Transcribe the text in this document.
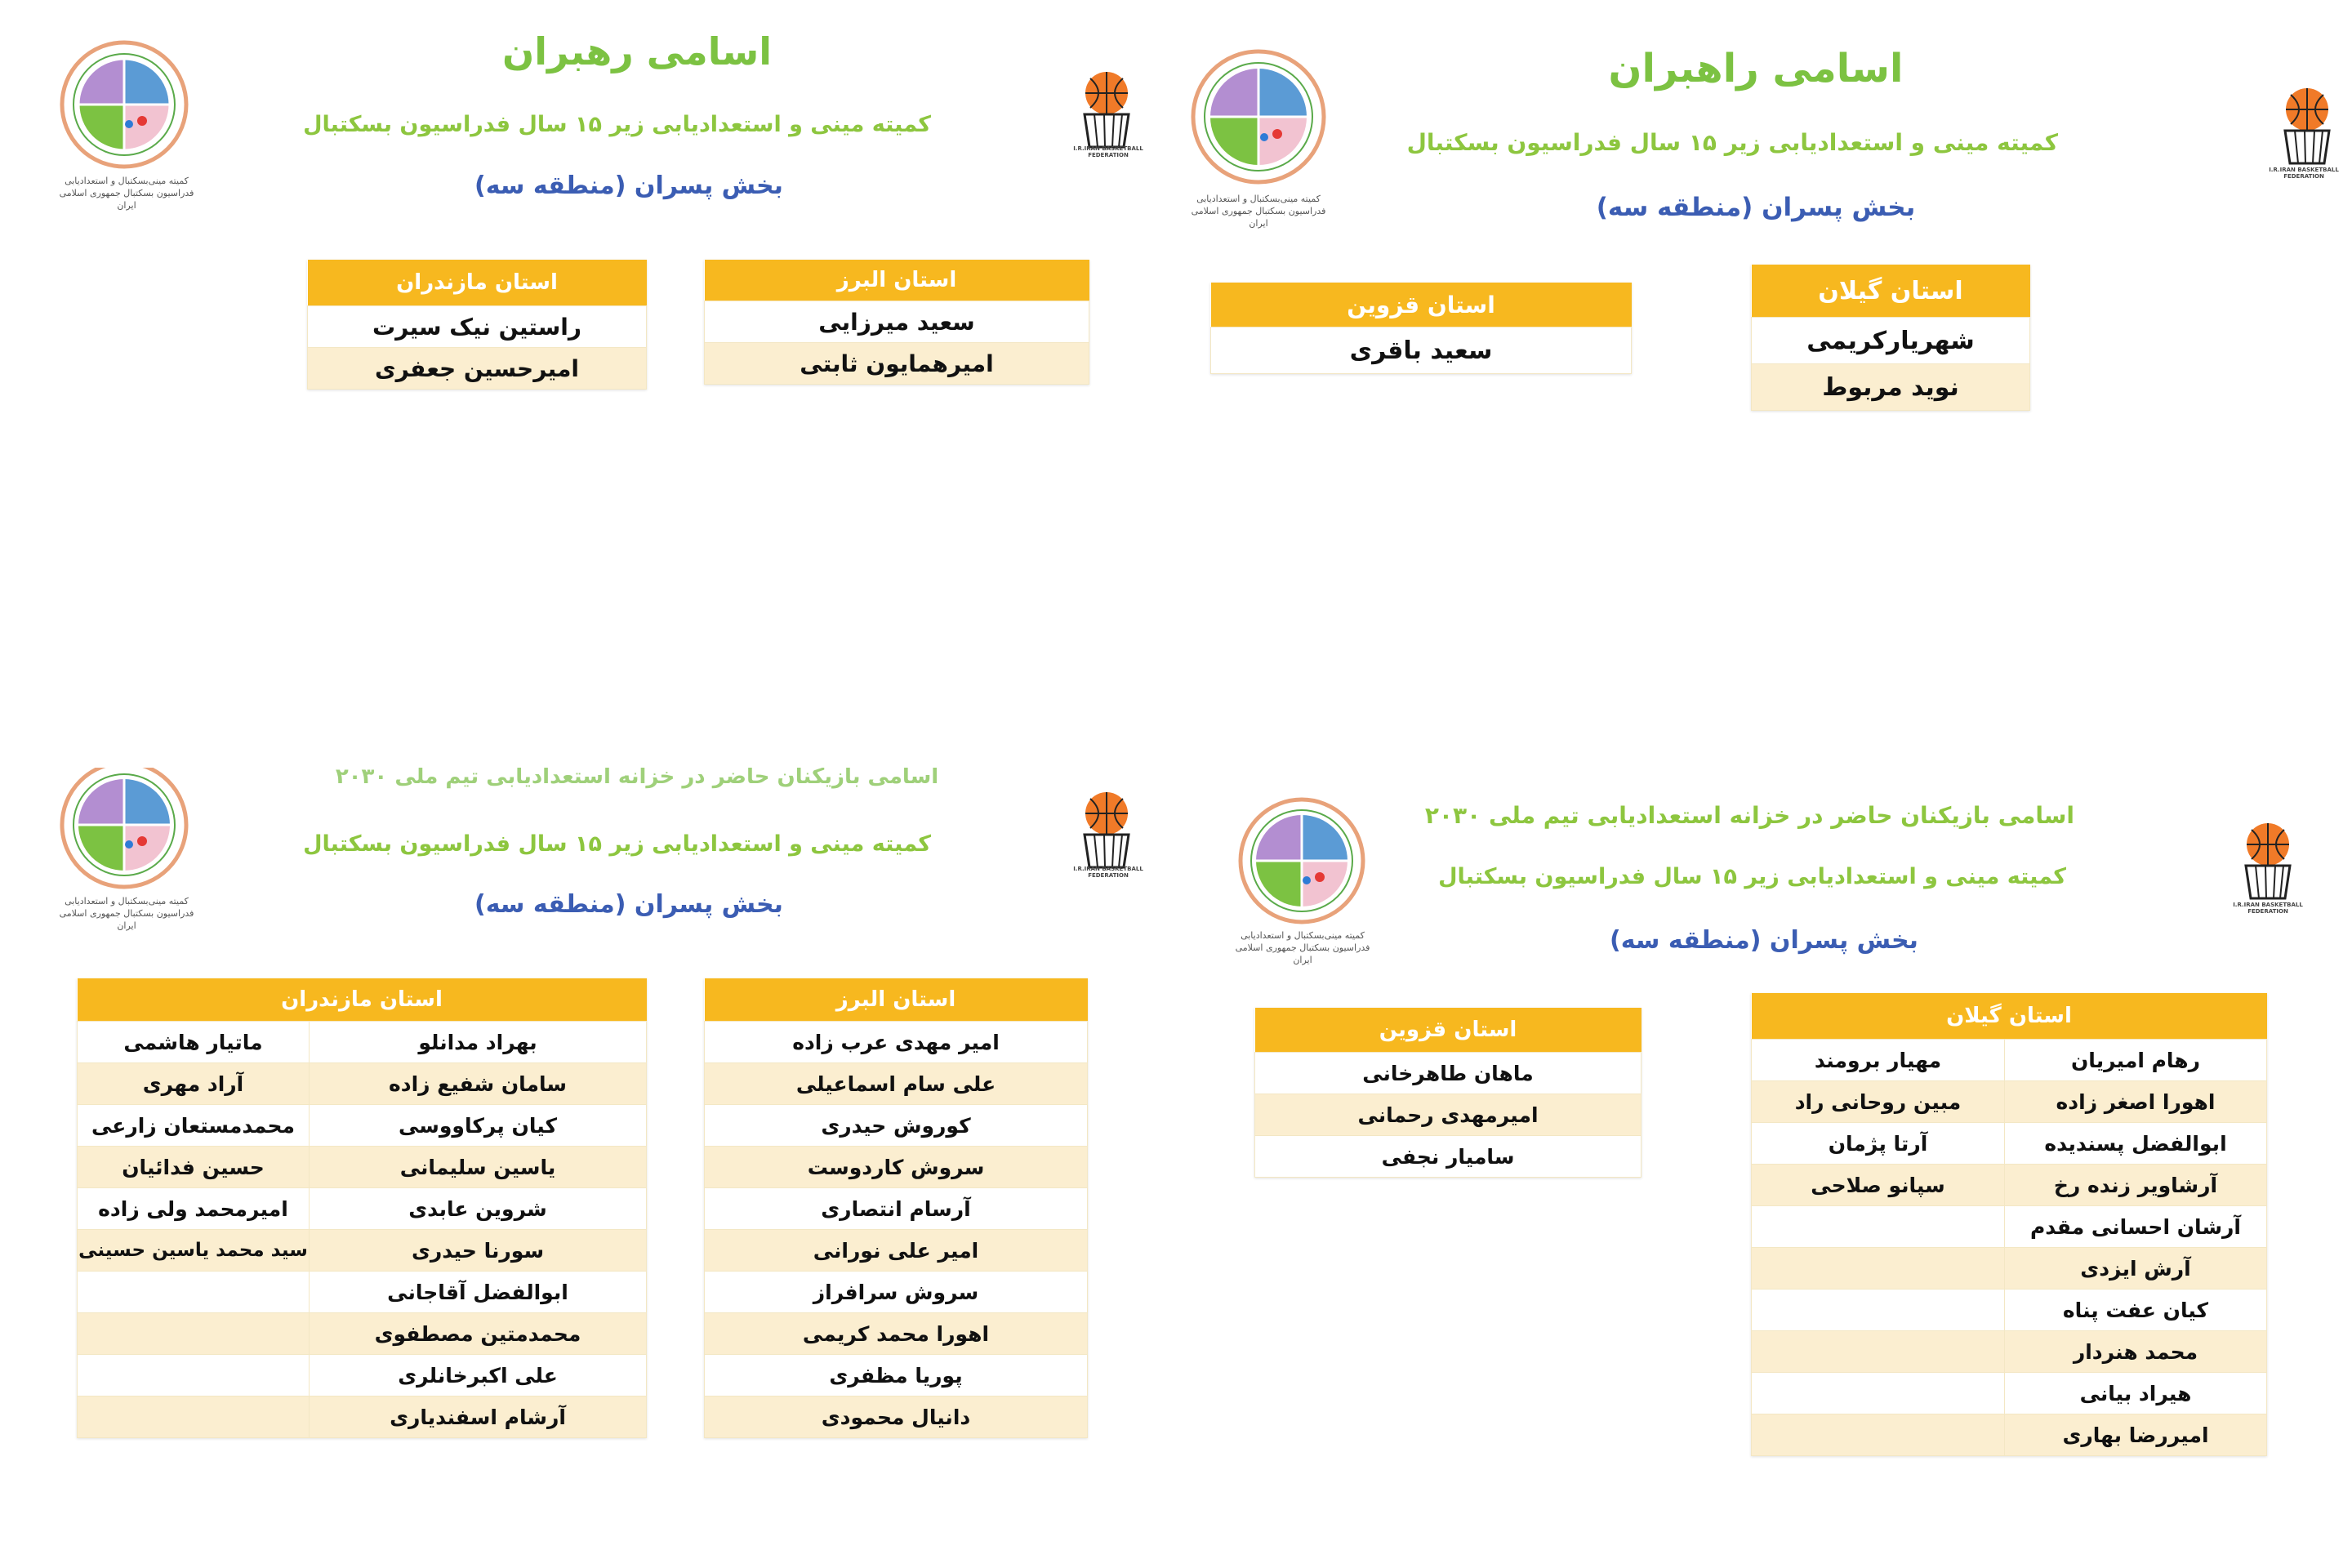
کمیته مینی‌بسکتبال و استعدادیابی
فدراسیون بسکتبال جمهوری اسلامی ایران
اسامی رهبران
کمیته مینی و استعدادیابی زیر ۱۵ سال فدراسیون بسکتبال
بخش پسران (منطقه سه)
I.R.IRAN BASKETBALL FEDERATION
استان البرز
سعید میرزایی
امیرهمایون ثابتی
استان مازندران
راستین نیک سیرت
امیرحسین جعفری
کمیته مینی‌بسکتبال و استعدادیابی
فدراسیون بسکتبال جمهوری اسلامی ایران
اسامی راهبران
کمیته مینی و استعدادیابی زیر ۱۵ سال فدراسیون بسکتبال
بخش پسران (منطقه سه)
I.R.IRAN BASKETBALL FEDERATION
استان گیلان
شهریارکریمی
نوید مربوط
استان قزوین
سعید باقری
کمیته مینی‌بسکتبال و استعدادیابی
فدراسیون بسکتبال جمهوری اسلامی ایران
اسامی بازیکنان حاضر در خزانه استعدادیابی تیم ملی ۲۰۳۰
کمیته مینی و استعدادیابی زیر ۱۵ سال فدراسیون بسکتبال
بخش پسران (منطقه سه)
I.R.IRAN BASKETBALL FEDERATION
استان البرز
امیر مهدی عرب زاده
علی سام اسماعیلی
کوروش حیدری
سروش کاردوست
آرسام انتصاری
امیر علی نورانی
سروش سرافراز
اهورا محمد کریمی
پوریا مظفری
دانیال محمودی
استان مازندران	
بهراد مدانلو	ماتیار هاشمی
سامان شفیع زاده	آراد مهری
کیان پرکاووسی	محمدمستعان زارعی
یاسین سلیمانی	حسین فدائیان
شروین عابدی	امیرمحمد ولی زاده
سورنا حیدری	سید محمد یاسین حسینی
ابوالفضل آقاجانی	
محمدمتین مصطفوی	
علی اکبرخانلری	
آرشام اسفندیاری	
کمیته مینی‌بسکتبال و استعدادیابی
فدراسیون بسکتبال جمهوری اسلامی ایران
اسامی بازیکنان حاضر در خزانه استعدادیابی تیم ملی ۲۰۳۰
کمیته مینی و استعدادیابی زیر ۱۵ سال فدراسیون بسکتبال
بخش پسران (منطقه سه)
I.R.IRAN BASKETBALL FEDERATION
استان قزوین
ماهان طاهرخانی
امیرمهدی رحمانی
سامیار نجفی
استان گیلان	
رهام امیریان	مهیار برومند
اهورا اصغر زاده	مبین روحانی راد
ابوالفضل پسندیده	آرتا پژمان
آرشاویر زنده رخ	سپانو صلاحی
آرشان احسانی مقدم	
آرش ایزدی	
کیان عفت پناه	
محمد هنردار	
هیراد بیانی	
امیررضا بهاری	
